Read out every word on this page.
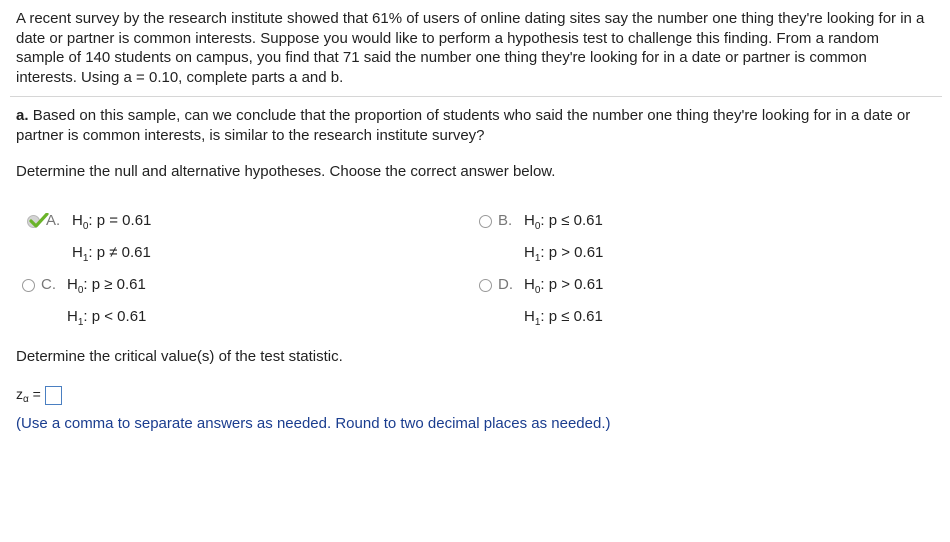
A recent survey by the research institute showed that 61% of users of online dating sites say the number one thing they're looking for in a date or partner is common interests. Suppose you would like to perform a hypothesis test to challenge this finding. From a random sample of 140 students on campus, you find that 71 said the number one thing they're looking for in a date or partner is common interests. Using a = 0.10, complete parts a and b.
a. Based on this sample, can we conclude that the proportion of students who said the number one thing they're looking for in a date or partner is common interests, is similar to the research institute survey?
Determine the null and alternative hypotheses. Choose the correct answer below.
A. $H_0$: p = 0.61
$H_1$: p ≠ 0.61
B. $H_0$: p ≤ 0.61
$H_1$: p > 0.61
C. $H_0$: p ≥ 0.61
$H_1$: p < 0.61
D. $H_0$: p > 0.61
$H_1$: p ≤ 0.61
Determine the critical value(s) of the test statistic.
$z_\alpha$ =
(Use a comma to separate answers as needed. Round to two decimal places as needed.)
